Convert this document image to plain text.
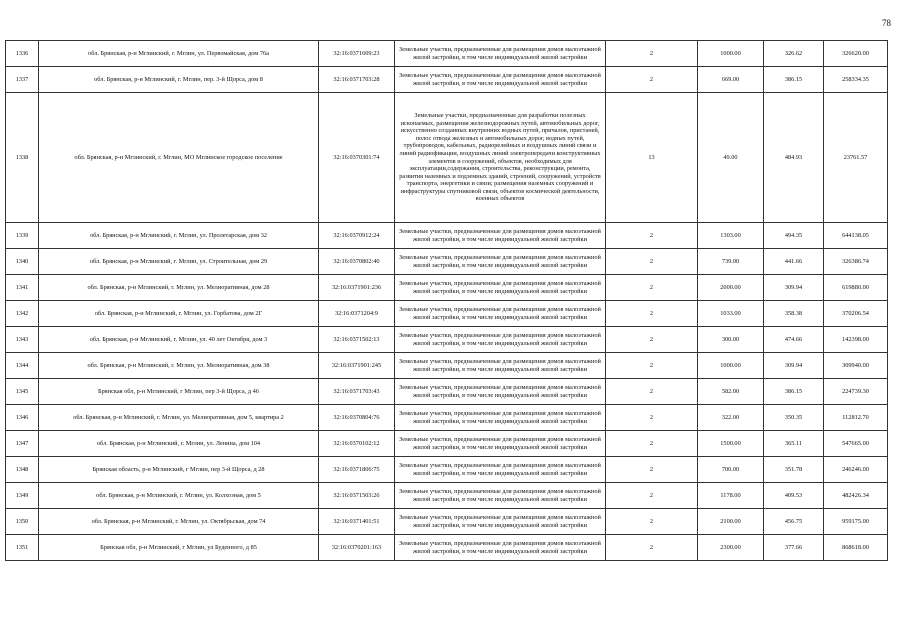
78
1336	обл. Брянская, р-н Мглинский, г. Мглин, ул. Первомайская, дом 76а	32:16:0371609:23	Земельные участки, предназначенные для размещения домов малоэтажной жилой застройки, в том числе индивидуальной жилой застройки	2	1000.00	326.62	326620.00
1337	обл. Брянская, р-н Мглинский, г. Мглин, пер. 3-й Щорса, дом 8	32:16:0371703:28	Земельные участки, предназначенные для размещения домов малоэтажной жилой застройки, в том числе индивидуальной жилой застройки	2	669.00	386.15	258334.35
1338	обл. Брянская, р-н Мглинский, г. Мглин, МО Мглинское городское поселение	32:16:0370301:74	Земельные участки, предназначенные для разработки полезных ископаемых, размещения железнодорожных путей, автомобильных дорог, искусственно созданных внутренних водных путей, причалов, пристаней, полос отвода железных и автомобильных дорог, водных путей, трубопроводов, кабельных, радиорелейных и воздушных линий связи и линий радиофикации, воздушных линий электропередачи конструктивных элементов и сооружений, объектов, необходимых для эксплуатации,содержания, строительства, реконструкции, ремонта, развития наземных и подземных зданий, строений, сооружений, устройств транспорта, энергетики и связи; размещения наземных сооружений и инфраструктуры спутниковой связи, объектов космической деятельности, военных объектов	13	49.00	484.93	23761.57
1339	обл. Брянская, р-н Мглинский, г. Мглин, ул. Пролетарская, дом 32	32:16:0370912:24	Земельные участки, предназначенные для размещения домов малоэтажной жилой застройки, в том числе индивидуальной жилой застройки	2	1303.00	494.35	644138.05
1340	обл. Брянская, р-н Мглинский, г. Мглин, ул. Строительная, дом 29	32:16:0370802:40	Земельные участки, предназначенные для размещения домов малоэтажной жилой застройки, в том числе индивидуальной жилой застройки	2	739.00	441.66	326386.74
1341	обл. Брянская, р-н Мглинский, г. Мглин, ул. Мелиоративная, дом 28	32:16:0371901:236	Земельные участки, предназначенные для размещения домов малоэтажной жилой застройки, в том числе индивидуальной жилой застройки	2	2000.00	309.94	619880.00
1342	обл. Брянская, р-н Мглинский, г. Мглин, ул. Горбатова, дом 2Г	32:16:0371204:9	Земельные участки, предназначенные для размещения домов малоэтажной жилой застройки, в том числе индивидуальной жилой застройки	2	1033.00	358.38	370206.54
1343	обл. Брянская, р-н Мглинский, г. Мглин, ул. 40 лет Октября, дом 3	32:16:0371502:13	Земельные участки, предназначенные для размещения домов малоэтажной жилой застройки, в том числе индивидуальной жилой застройки	2	300.00	474.66	142398.00
1344	обл. Брянская, р-н Мглинский, г. Мглин, ул. Мелиоративная, дом 38	32:16:0371901:245	Земельные участки, предназначенные для размещения домов малоэтажной жилой застройки, в том числе индивидуальной жилой застройки	2	1000.00	309.94	309940.00
1345	Брянская обл, р-н Мглинский, г Мглин, пер 3-й Щорса, д 46	32:16:0371703:43	Земельные участки, предназначенные для размещения домов малоэтажной жилой застройки, в том числе индивидуальной жилой застройки	2	582.00	386.15	224739.30
1346	обл. Брянская, р-н Мглинский, г. Мглин, ул. Мелиоративная, дом 5, квартира 2	32:16:0370804:76	Земельные участки, предназначенные для размещения домов малоэтажной жилой застройки, в том числе индивидуальной жилой застройки	2	322.00	350.35	112812.70
1347	обл. Брянская, р-н Мглинский, г. Мглин, ул. Ленина, дом 104	32:16:0370102:12	Земельные участки, предназначенные для размещения домов малоэтажной жилой застройки, в том числе индивидуальной жилой застройки	2	1500.00	365.11	547665.00
1348	Брянская область, р-н Мглинский, г Мглин, пер 3-й Щорса, д 28	32:16:0371806:75	Земельные участки, предназначенные для размещения домов малоэтажной жилой застройки, в том числе индивидуальной жилой застройки	2	700.00	351.78	246246.00
1349	обл. Брянская, р-н Мглинский, г. Мглин, ул. Колхозная, дом 5	32:16:0371503:26	Земельные участки, предназначенные для размещения домов малоэтажной жилой застройки, в том числе индивидуальной жилой застройки	2	1178.00	409.53	482426.34
1350	обл. Брянская, р-н Мглинский, г. Мглин, ул. Октябрьская, дом 74	32:16:0371401:51	Земельные участки, предназначенные для размещения домов малоэтажной жилой застройки, в том числе индивидуальной жилой застройки	2	2100.00	456.75	959175.00
1351	Брянская обл, р-н Мглинский, г Мглин, ул Буденного, д 85	32:16:0370201:163	Земельные участки, предназначенные для размещения домов малоэтажной жилой застройки, в том числе индивидуальной жилой застройки	2	2300.00	377.66	868618.00
